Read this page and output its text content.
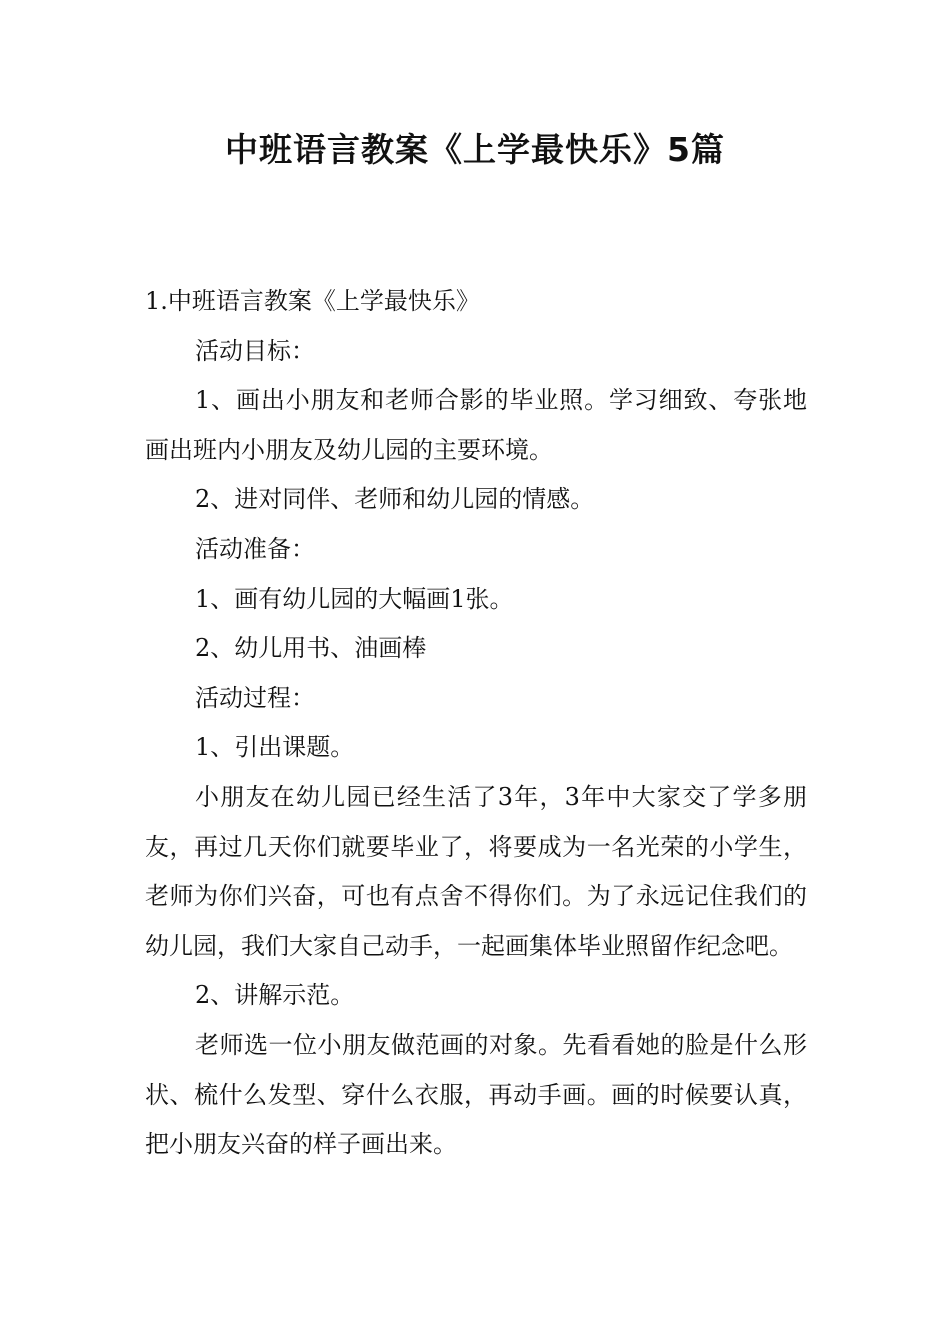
中班语言教案《上学最快乐》5篇

1.中班语言教案《上学最快乐》

活动目标：

1、画出小朋友和老师合影的毕业照。学习细致、夸张地画出班内小朋友及幼儿园的主要环境。

2、进对同伴、老师和幼儿园的情感。

活动准备：

1、画有幼儿园的大幅画1张。

2、幼儿用书、油画棒

活动过程：

1、引出课题。

小朋友在幼儿园已经生活了3年，3年中大家交了学多朋友，再过几天你们就要毕业了，将要成为一名光荣的小学生，老师为你们兴奋，可也有点舍不得你们。为了永远记住我们的幼儿园，我们大家自己动手，一起画集体毕业照留作纪念吧。

2、讲解示范。

老师选一位小朋友做范画的对象。先看看她的脸是什么形状、梳什么发型、穿什么衣服，再动手画。画的时候要认真，把小朋友兴奋的样子画出来。
